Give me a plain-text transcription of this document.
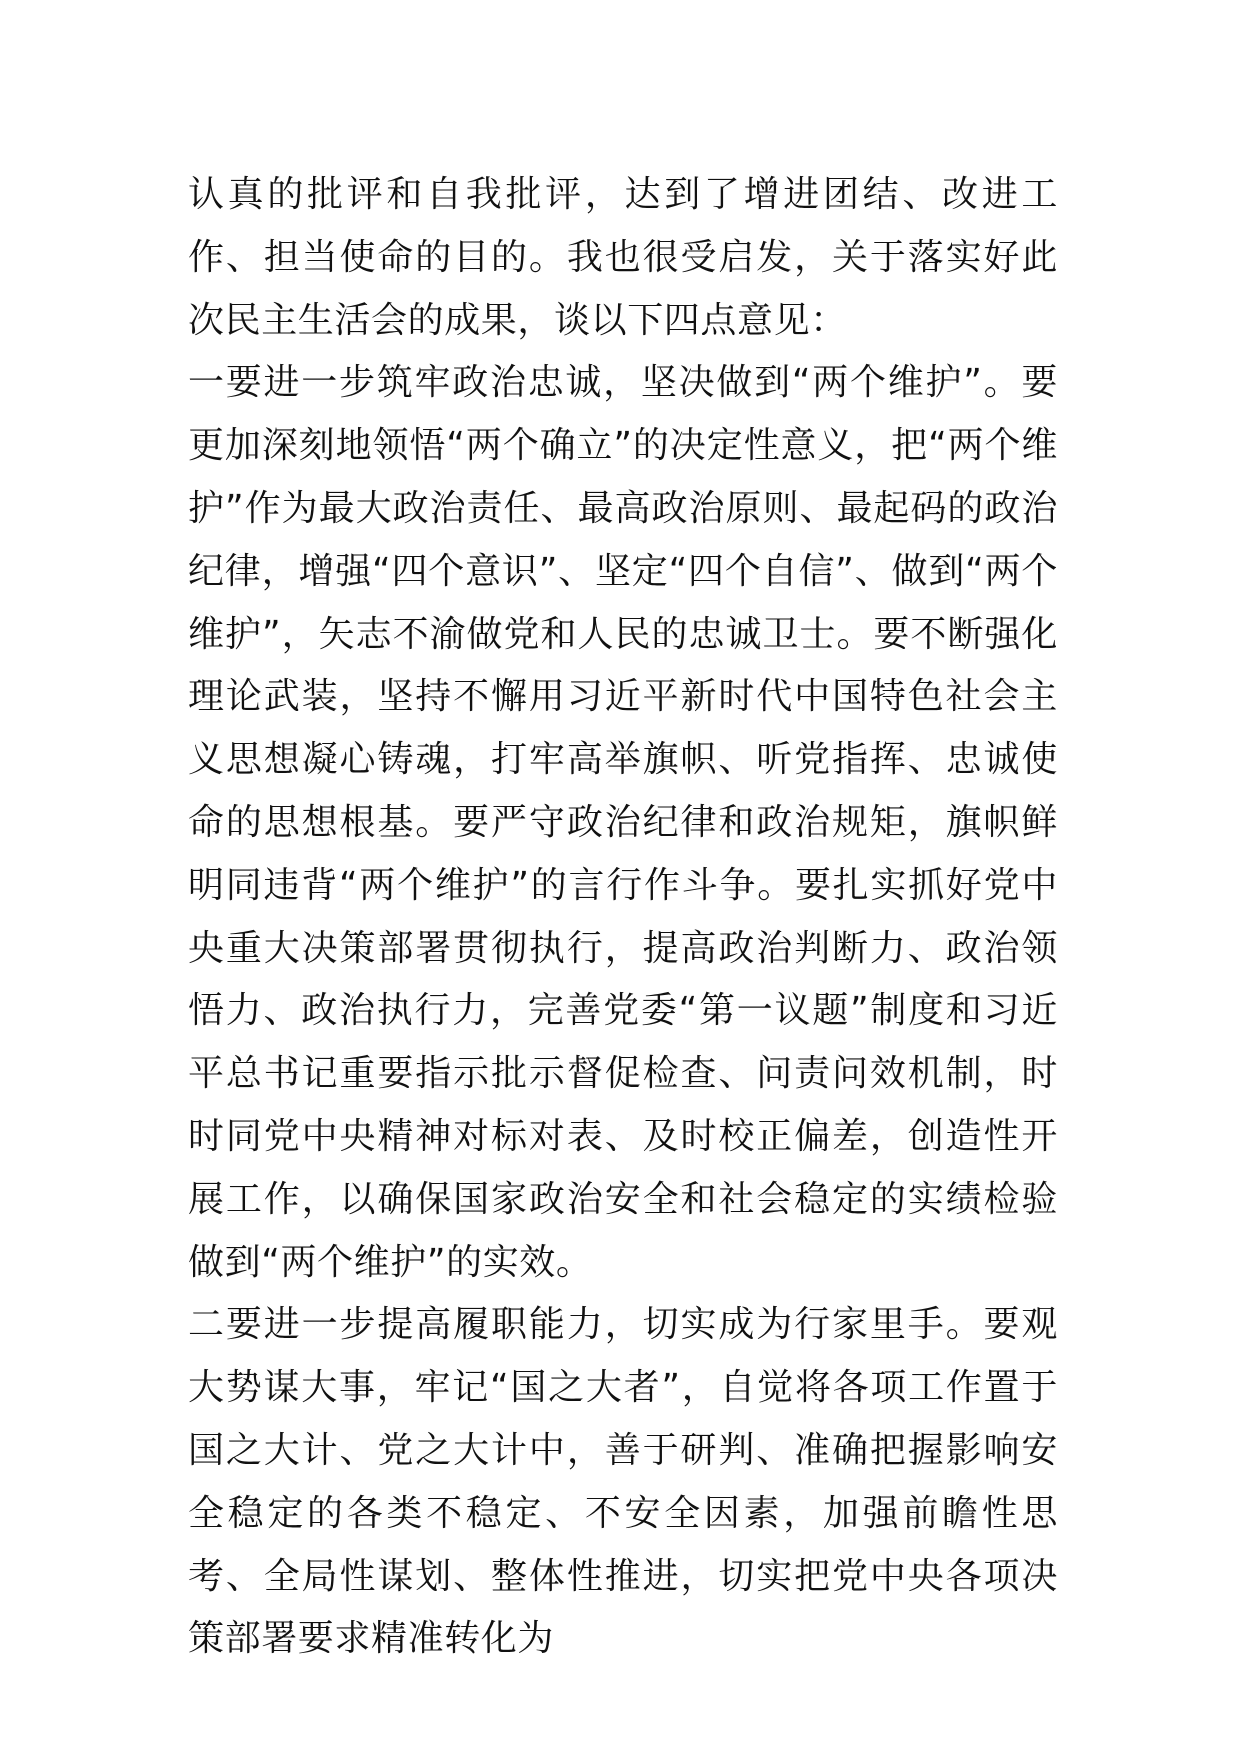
认真的批评和自我批评，达到了增进团结、改进工作、担当使命的目的。我也很受启发，关于落实好此次民主生活会的成果，谈以下四点意见：

一要进一步筑牢政治忠诚，坚决做到“两个维护”。要更加深刻地领悟“两个确立”的决定性意义，把“两个维护”作为最大政治责任、最高政治原则、最起码的政治纪律，增强“四个意识”、坚定“四个自信”、做到“两个维护”，矢志不渝做党和人民的忠诚卫士。要不断强化理论武装，坚持不懈用习近平新时代中国特色社会主义思想凝心铸魂，打牢高举旗帜、听党指挥、忠诚使命的思想根基。要严守政治纪律和政治规矩，旗帜鲜明同违背“两个维护”的言行作斗争。要扎实抓好党中央重大决策部署贯彻执行，提高政治判断力、政治领悟力、政治执行力，完善党委“第一议题”制度和习近平总书记重要指示批示督促检查、问责问效机制，时时同党中央精神对标对表、及时校正偏差，创造性开展工作，以确保国家政治安全和社会稳定的实绩检验做到“两个维护”的实效。

二要进一步提高履职能力，切实成为行家里手。要观大势谋大事，牢记“国之大者”，自觉将各项工作置于国之大计、党之大计中，善于研判、准确把握影响安全稳定的各类不稳定、不安全因素，加强前瞻性思考、全局性谋划、整体性推进，切实把党中央各项决策部署要求精准转化为
